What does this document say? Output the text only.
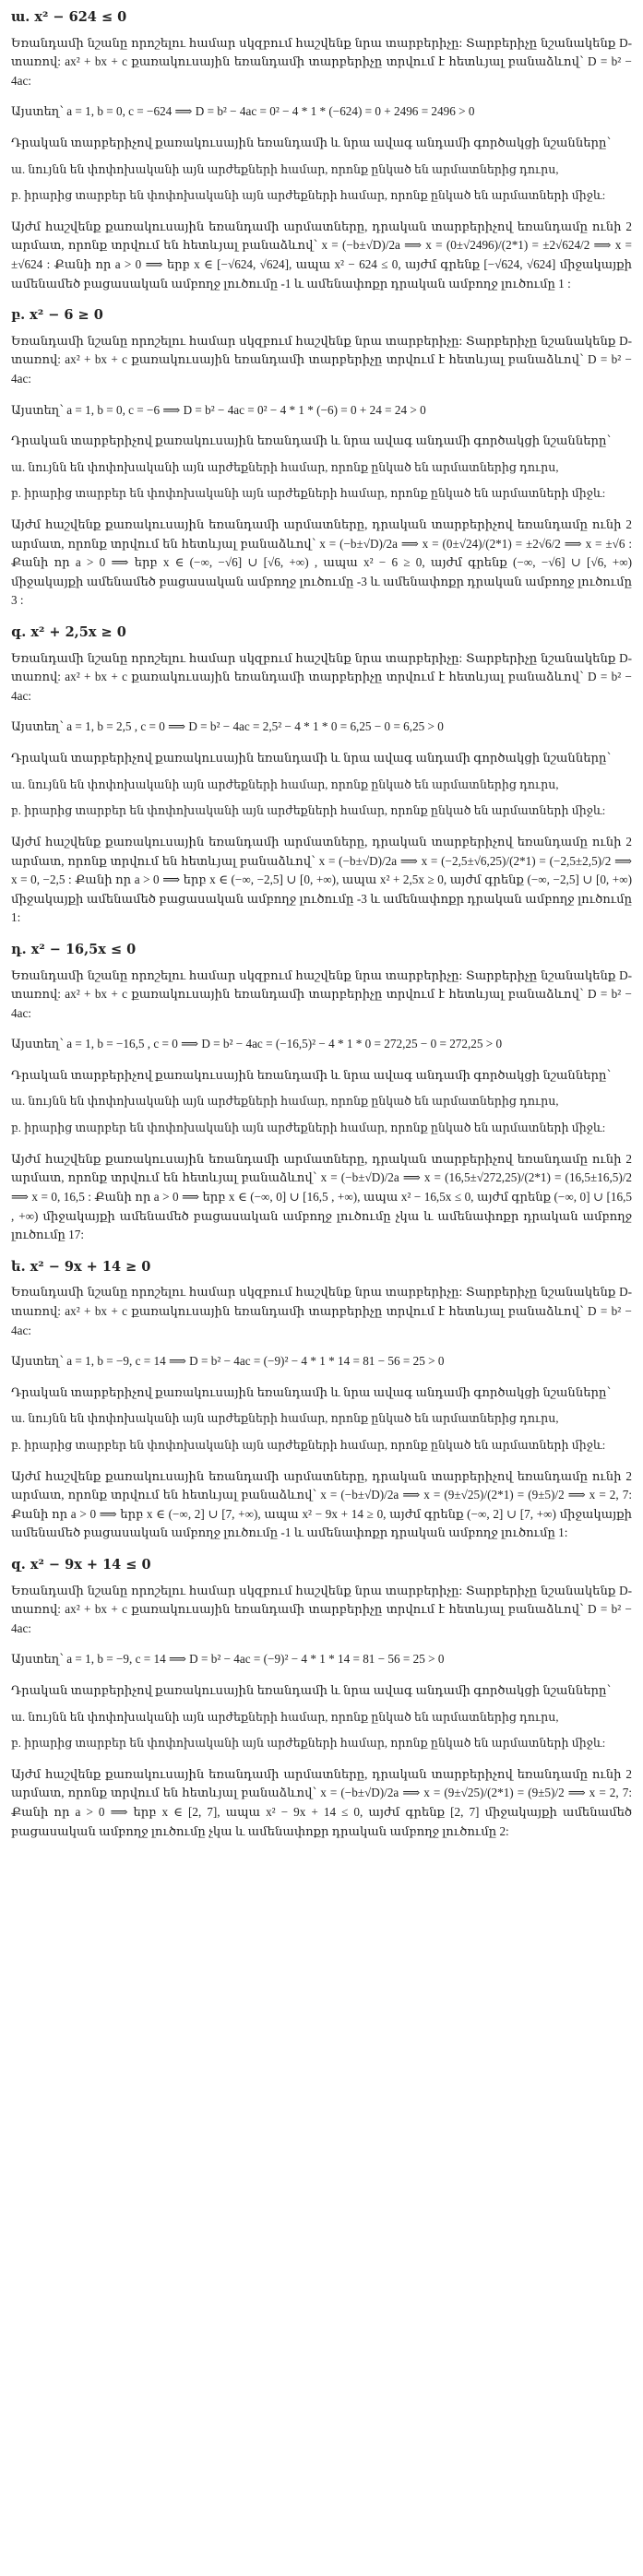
ա. x² − 624 ≤ 0

Եռանդամի նշանը որոշելու համար սկզբում հաշվենք նրա տարբերիչը: Տարբերիչը նշանակենք D-տառով: ax² + bx + c քառակուսային եռանդամի տարբերիչը տրվում է հետևյալ բանաձևով՝ D = b² − 4ac:

Այստեղ՝ a = 1, b = 0, c = −624 ⟹ D = b² − 4ac = 0² − 4 * 1 * (−624) = 0 + 2496 = 2496 > 0

Դրական տարբերիչով քառակուսային եռանդամի և նրա ավագ անդամի գործակցի նշանները՝

ա. նույնն են փոփոխականի այն արժեքների համար, որոնք ընկած են արմատներից դուրս,

բ. իրարից տարբեր են փոփոխականի այն արժեքների համար, որոնք ընկած են արմատների միջև:

Այժմ հաշվենք քառակուսային եռանդամի արմատները, դրական տարբերիչով եռանդամը ունի 2 արմատ, որոնք տրվում են հետևյալ բանաձևով՝ x = (−b±√D)/2a ⟹ x = (0±√2496)/(2*1) = ±2√624/2 ⟹ x = ±√624 : Քանի որ a > 0 ⟹ երբ x ∈ [−√624, √624], ապա x² − 624 ≤ 0, այժմ գրենք [−√624, √624] միջակայքի ամենամեծ բացասական ամբողջ լուծումը -1 և ամենափոքր դրական ամբողջ լուծումը 1 :

բ. x² − 6 ≥ 0

Եռանդամի նշանը որոշելու համար սկզբում հաշվենք նրա տարբերիչը: Տարբերիչը նշանակենք D-տառով: ax² + bx + c քառակուսային եռանդամի տարբերիչը տրվում է հետևյալ բանաձևով՝ D = b² − 4ac:

Այստեղ՝ a = 1, b = 0, c = −6 ⟹ D = b² − 4ac = 0² − 4 * 1 * (−6) = 0 + 24 = 24 > 0

Դրական տարբերիչով քառակուսային եռանդամի և նրա ավագ անդամի գործակցի նշանները՝

ա. նույնն են փոփոխականի այն արժեքների համար, որոնք ընկած են արմատներից դուրս,

բ. իրարից տարբեր են փոփոխականի այն արժեքների համար, որոնք ընկած են արմատների միջև:

Այժմ հաշվենք քառակուսային եռանդամի արմատները, դրական տարբերիչով եռանդամը ունի 2 արմատ, որոնք տրվում են հետևյալ բանաձևով՝ x = (−b±√D)/2a ⟹ x = (0±√24)/(2*1) = ±2√6/2 ⟹ x = ±√6 : Քանի որ a > 0 ⟹ երբ x ∈ (−∞, −√6] ∪ [√6, +∞) , ապա x² − 6 ≥ 0, այժմ գրենք (−∞, −√6] ∪ [√6, +∞) միջակայքի ամենամեծ բացասական ամբողջ լուծումը -3 և ամենափոքր դրական ամբողջ լուծումը 3 :

գ. x² + 2,5x ≥ 0

Եռանդամի նշանը որոշելու համար սկզբում հաշվենք նրա տարբերիչը: Տարբերիչը նշանակենք D-տառով: ax² + bx + c քառակուսային եռանդամի տարբերիչը տրվում է հետևյալ բանաձևով՝ D = b² − 4ac:

Այստեղ՝ a = 1, b = 2,5 , c = 0 ⟹ D = b² − 4ac = 2,5² − 4 * 1 * 0 = 6,25 − 0 = 6,25 > 0

Դրական տարբերիչով քառակուսային եռանդամի և նրա ավագ անդամի գործակցի նշանները՝

ա. նույնն են փոփոխականի այն արժեքների համար, որոնք ընկած են արմատներից դուրս,

բ. իրարից տարբեր են փոփոխականի այն արժեքների համար, որոնք ընկած են արմատների միջև:

Այժմ հաշվենք քառակուսային եռանդամի արմատները, դրական տարբերիչով եռանդամը ունի 2 արմատ, որոնք տրվում են հետևյալ բանաձևով՝ x = (−b±√D)/2a ⟹ x = (−2,5±√6,25)/(2*1) = (−2,5±2,5)/2 ⟹ x = 0, −2,5 : Քանի որ a > 0 ⟹ երբ x ∈ (−∞, −2,5] ∪ [0, +∞), ապա x² + 2,5x ≥ 0, այժմ գրենք (−∞, −2,5] ∪ [0, +∞) միջակայքի ամենամեծ բացասական ամբողջ լուծումը -3 և ամենափոքր դրական ամբողջ լուծումը 1:

դ. x² − 16,5x ≤ 0

Եռանդամի նշանը որոշելու համար սկզբում հաշվենք նրա տարբերիչը: Տարբերիչը նշանակենք D-տառով: ax² + bx + c քառակուսային եռանդամի տարբերիչը տրվում է հետևյալ բանաձևով՝ D = b² − 4ac:

Այստեղ՝ a = 1, b = −16,5 , c = 0 ⟹ D = b² − 4ac = (−16,5)² − 4 * 1 * 0 = 272,25 − 0 = 272,25 > 0

Դրական տարբերիչով քառակուսային եռանդամի և նրա ավագ անդամի գործակցի նշանները՝

ա. նույնն են փոփոխականի այն արժեքների համար, որոնք ընկած են արմատներից դուրս,

բ. իրարից տարբեր են փոփոխականի այն արժեքների համար, որոնք ընկած են արմատների միջև:

Այժմ հաշվենք քառակուսային եռանդամի արմատները, դրական տարբերիչով եռանդամը ունի 2 արմատ, որոնք տրվում են հետևյալ բանաձևով՝ x = (−b±√D)/2a ⟹ x = (16,5±√272,25)/(2*1) = (16,5±16,5)/2 ⟹ x = 0, 16,5 : Քանի որ a > 0 ⟹ երբ x ∈ (−∞, 0] ∪ [16,5 , +∞), ապա x² − 16,5x ≤ 0, այժմ գրենք (−∞, 0] ∪ [16,5 , +∞) միջակայքի ամենամեծ բացասական ամբողջ լուծումը չկա և ամենափոքր դրական ամբողջ լուծումը 17:

ե. x² − 9x + 14 ≥ 0

Եռանդամի նշանը որոշելու համար սկզբում հաշվենք նրա տարբերիչը: Տարբերիչը նշանակենք D-տառով: ax² + bx + c քառակուսային եռանդամի տարբերիչը տրվում է հետևյալ բանաձևով՝ D = b² − 4ac:

Այստեղ՝ a = 1, b = −9, c = 14 ⟹ D = b² − 4ac = (−9)² − 4 * 1 * 14 = 81 − 56 = 25 > 0

Դրական տարբերիչով քառակուսային եռանդամի և նրա ավագ անդամի գործակցի նշանները՝

ա. նույնն են փոփոխականի այն արժեքների համար, որոնք ընկած են արմատներից դուրս,

բ. իրարից տարբեր են փոփոխականի այն արժեքների համար, որոնք ընկած են արմատների միջև:

Այժմ հաշվենք քառակուսային եռանդամի արմատները, դրական տարբերիչով եռանդամը ունի 2 արմատ, որոնք տրվում են հետևյալ բանաձևով՝ x = (−b±√D)/2a ⟹ x = (9±√25)/(2*1) = (9±5)/2 ⟹ x = 2, 7: Քանի որ a > 0 ⟹ երբ x ∈ (−∞, 2] ∪ [7, +∞), ապա x² − 9x + 14 ≥ 0, այժմ գրենք (−∞, 2] ∪ [7, +∞) միջակայքի ամենամեծ բացասական ամբողջ լուծումը -1 և ամենափոքր դրական ամբողջ լուծումը 1:

զ. x² − 9x + 14 ≤ 0

Եռանդամի նշանը որոշելու համար սկզբում հաշվենք նրա տարբերիչը: Տարբերիչը նշանակենք D-տառով: ax² + bx + c քառակուսային եռանդամի տարբերիչը տրվում է հետևյալ բանաձևով՝ D = b² − 4ac:

Այստեղ՝ a = 1, b = −9, c = 14 ⟹ D = b² − 4ac = (−9)² − 4 * 1 * 14 = 81 − 56 = 25 > 0

Դրական տարբերիչով քառակուսային եռանդամի և նրա ավագ անդամի գործակցի նշանները՝

ա. նույնն են փոփոխականի այն արժեքների համար, որոնք ընկած են արմատներից դուրս,

բ. իրարից տարբեր են փոփոխականի այն արժեքների համար, որոնք ընկած են արմատների միջև:

Այժմ հաշվենք քառակուսային եռանդամի արմատները, դրական տարբերիչով եռանդամը ունի 2 արմատ, որոնք տրվում են հետևյալ բանաձևով՝ x = (−b±√D)/2a ⟹ x = (9±√25)/(2*1) = (9±5)/2 ⟹ x = 2, 7: Քանի որ a > 0 ⟹ երբ x ∈ [2, 7], ապա x² − 9x + 14 ≤ 0, այժմ գրենք [2, 7] միջակայքի ամենամեծ բացասական ամբողջ լուծումը չկա և ամենափոքր դրական ամբողջ լուծումը 2:
